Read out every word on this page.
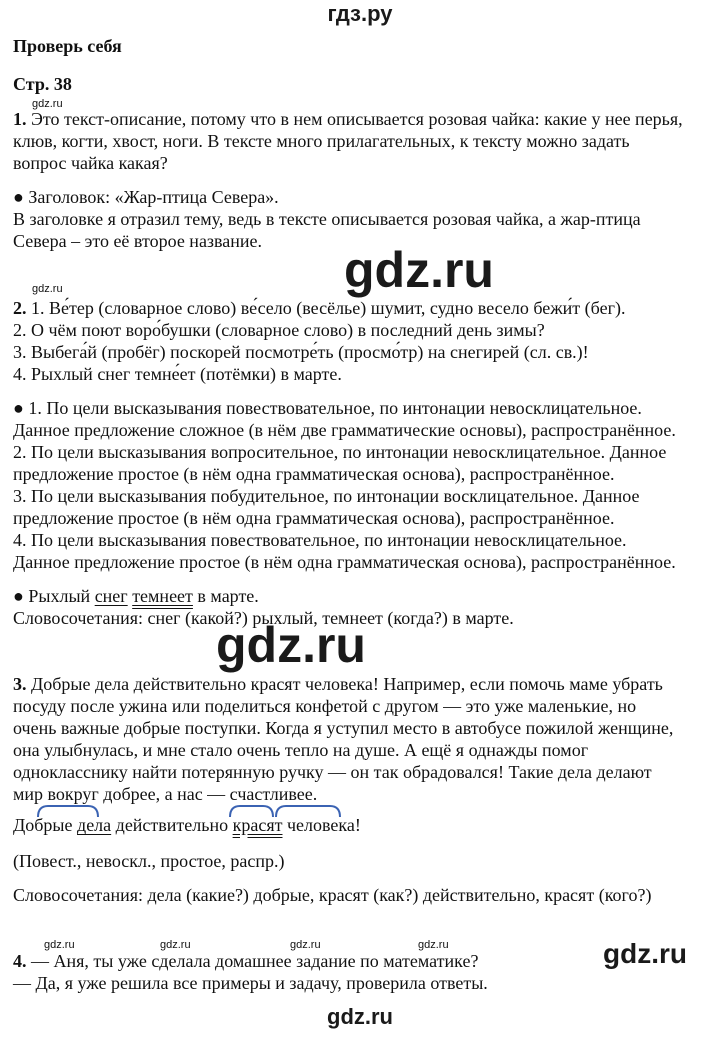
гдз.ру
gdz.ru
gdz.ru
gdz.ru
gdz.ru
gdz.ru	gdz.ru	gdz.ru	gdz.ru	gdz.ru
gdz.ru
Проверь себя
Стр. 38
1. Это текст-описание, потому что в нем описывается розовая чайка: какие у нее перья,
клюв, когти, хвост, ноги. В тексте много прилагательных, к тексту можно задать
вопрос чайка какая?
● Заголовок: «Жар-птица Севера».
В заголовке я отразил тему, ведь в тексте описывается розовая чайка, а жар-птица
Севера – это её второе название.
2. 1. Ве́тер (словарное слово) ве́село (весёлье) шумит, судно весело бежи́т (бег).
2. О чём поют воро́бушки (словарное слово) в последний день зимы?
3. Выбега́й (пробёг) поскорей посмотре́ть (просмо́тр) на снегирей (сл. св.)!
4. Рыхлый снег темне́ет (потёмки) в марте.
● 1. По цели высказывания повествовательное, по интонации невосклицательное.
Данное предложение сложное (в нём две грамматические основы), распространённое.
2. По цели высказывания вопросительное, по интонации невосклицательное. Данное
предложение простое (в нём одна грамматическая основа), распространённое.
3. По цели высказывания побудительное, по интонации восклицательное. Данное
предложение простое (в нём одна грамматическая основа), распространённое.
4. По цели высказывания повествовательное, по интонации невосклицательное.
Данное предложение простое (в нём одна грамматическая основа), распространённое.
● Рыхлый снег темнеет в марте.
Словосочетания: снег (какой?) рыхлый, темнеет (когда?) в марте.
3. Добрые дела действительно красят человека! Например, если помочь маме убрать
посуду после ужина или поделиться конфетой с другом — это уже маленькие, но
очень важные добрые поступки. Когда я уступил место в автобусе пожилой женщине,
она улыбнулась, и мне стало очень тепло на душе. А ещё я однажды помог
однокласснику найти потерянную ручку — он так обрадовался! Такие дела делают
мир вокруг добрее, а нас — счастливее.
Добрые дела действительно красят человека!
(Повест., невоскл., простое, распр.)
Словосочетания: дела (какие?) добрые, красят (как?) действительно, красят (кого?)
4. — Аня, ты уже сделала домашнее задание по математике?
— Да, я уже решила все примеры и задачу, проверила ответы.
